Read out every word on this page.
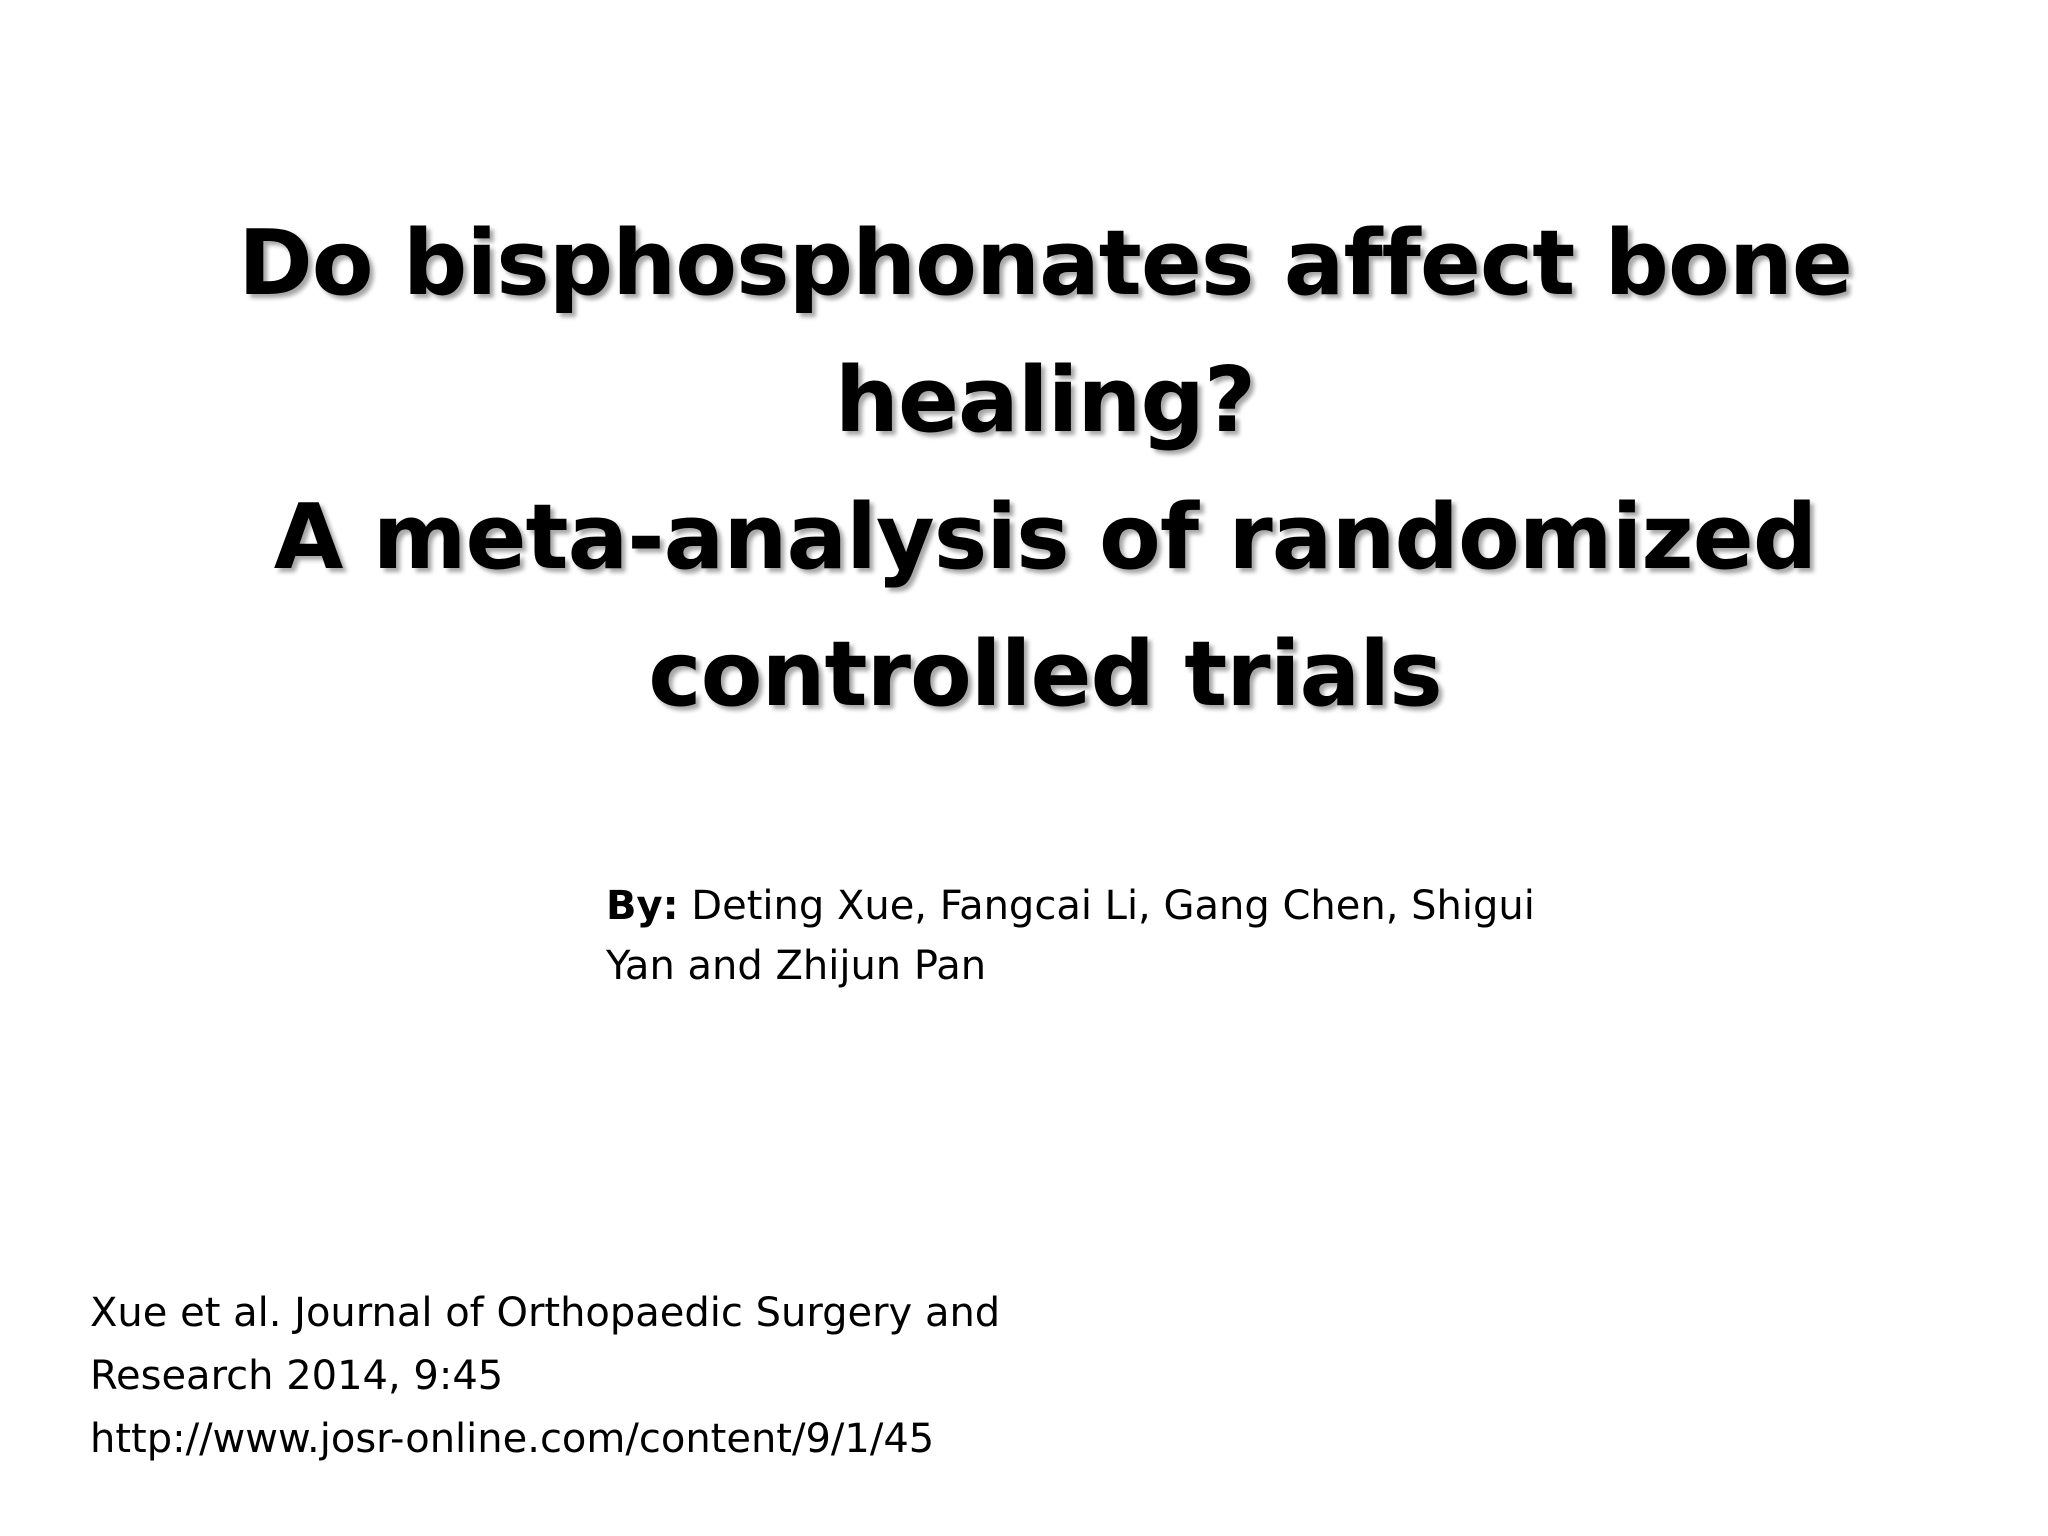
Do bisphosphonates affect bone
healing?
A meta-analysis of randomized
controlled trials
By: Deting Xue, Fangcai Li, Gang Chen, Shigui
Yan and Zhijun Pan
Xue et al. Journal of Orthopaedic Surgery and
Research 2014, 9:45
http://www.josr-online.com/content/9/1/45
